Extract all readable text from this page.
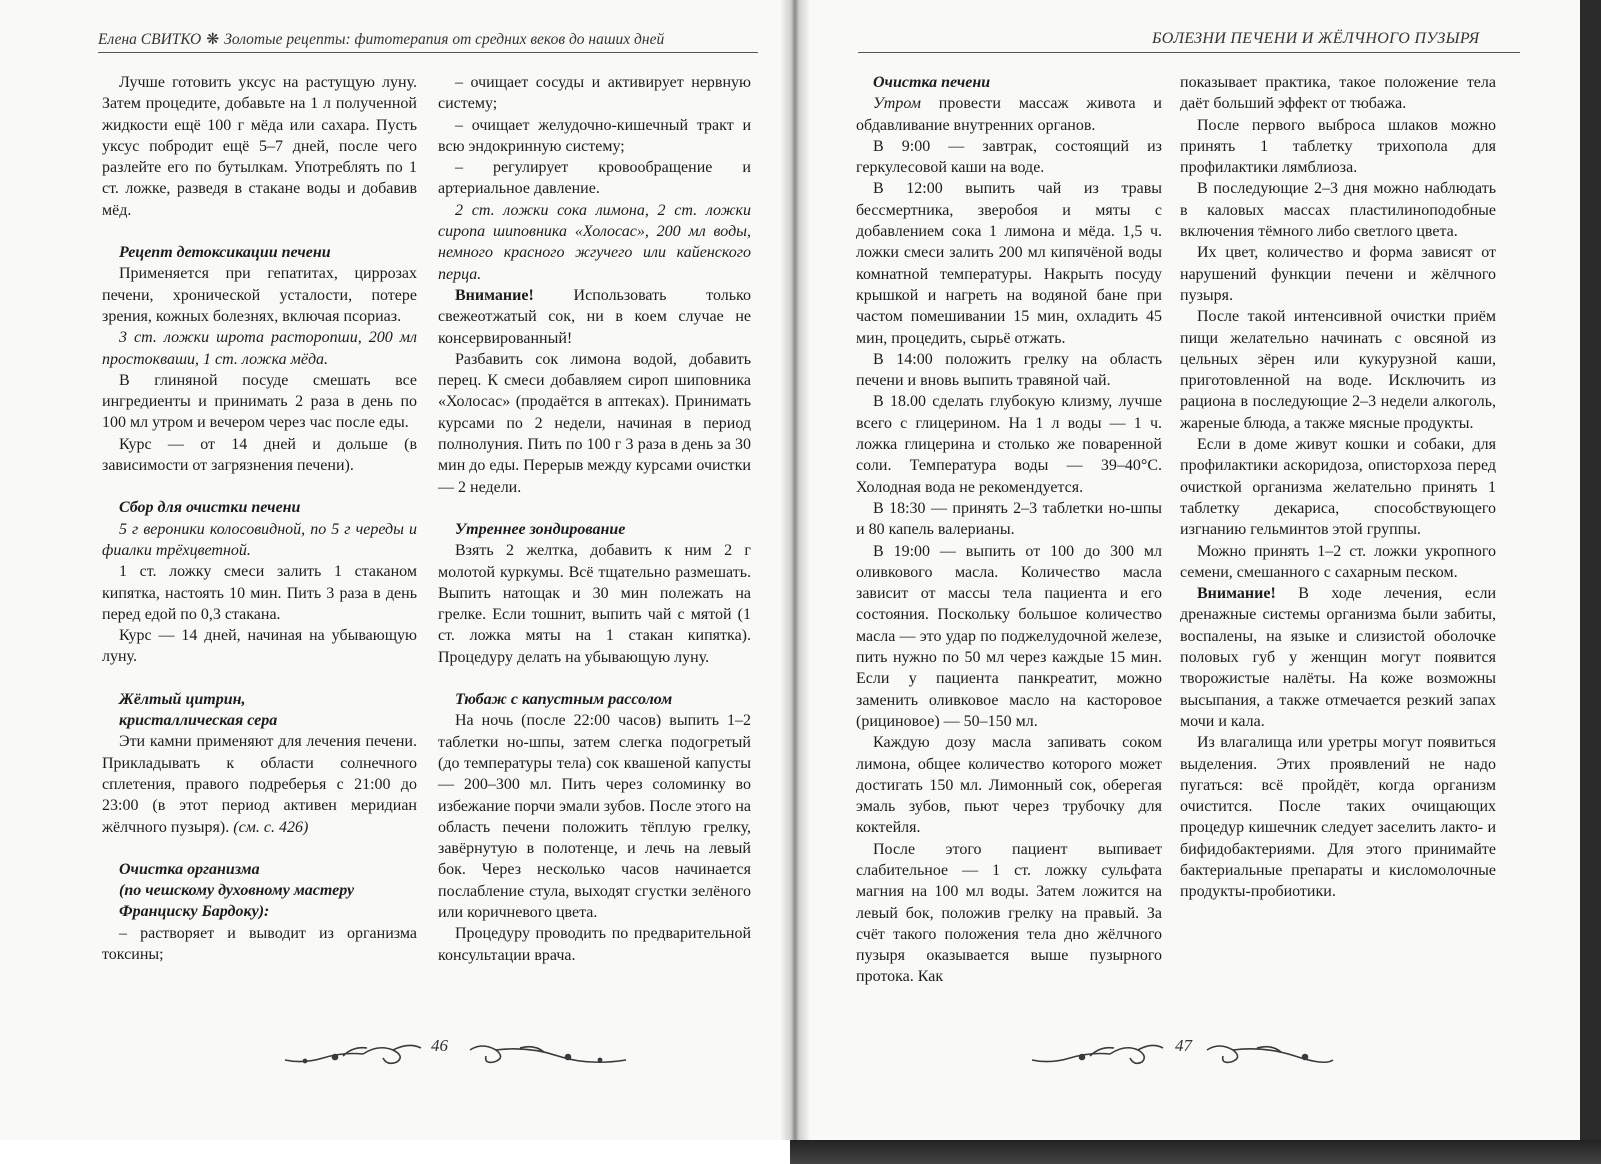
Елена СВИТКО ❋ Золотые рецепты: фитотерапия от средних веков до наших дней	БОЛЕЗНИ ПЕЧЕНИ И ЖЁЛЧНОГО ПУЗЫРЯ

Лучше готовить уксус на растущую луну. Затем процедите, добавьте на 1 л полученной жидкости ещё 100 г мёда или сахара. Пусть уксус побродит ещё 5–7 дней, после чего разлейте его по бутылкам. Употреблять по 1 ст. ложке, разведя в стакане воды и добавив мёд.

Рецепт детоксикации печени

Применяется при гепатитах, циррозах печени, хронической усталости, потере зрения, кожных болезнях, включая псориаз.

3 ст. ложки шрота расторопши, 200 мл простокваши, 1 ст. ложка мёда.

В глиняной посуде смешать все ингредиенты и принимать 2 раза в день по 100 мл утром и вечером через час после еды.

Курс — от 14 дней и дольше (в зависимости от загрязнения печени).

Сбор для очистки печени

5 г вероники колосовидной, по 5 г череды и фиалки трёхцветной.

1 ст. ложку смеси залить 1 стаканом кипятка, настоять 10 мин. Пить 3 раза в день перед едой по 0,3 стакана.

Курс — 14 дней, начиная на убывающую луну.

Жёлтый цитрин,
кристаллическая сера

Эти камни применяют для лечения печени. Прикладывать к области солнечного сплетения, правого подреберья с 21:00 до 23:00 (в этот период активен меридиан жёлчного пузыря). (см. с. 426)

Очистка организма
(по чешскому духовному мастеру
Франциску Бардоку):

– растворяет и выводит из организма токсины;

– очищает сосуды и активирует нервную систему;

– очищает желудочно-кишечный тракт и всю эндокринную систему;

– регулирует кровообращение и артериальное давление.

2 ст. ложки сока лимона, 2 ст. ложки сиропа шиповника «Холосас», 200 мл воды, немного красного жгучего или кайенского перца.

Внимание! Использовать только свежеотжатый сок, ни в коем случае не консервированный!

Разбавить сок лимона водой, добавить перец. К смеси добавляем сироп шиповника «Холосас» (продаётся в аптеках). Принимать курсами по 2 недели, начиная в период полнолуния. Пить по 100 г 3 раза в день за 30 мин до еды. Перерыв между курсами очистки — 2 недели.

Утреннее зондирование

Взять 2 желтка, добавить к ним 2 г молотой куркумы. Всё тщательно размешать. Выпить натощак и 30 мин полежать на грелке. Если тошнит, выпить чай с мятой (1 ст. ложка мяты на 1 стакан кипятка). Процедуру делать на убывающую луну.

Тюбаж с капустным рассолом

На ночь (после 22:00 часов) выпить 1–2 таблетки но-шпы, затем слегка подогретый (до температуры тела) сок квашеной капусты — 200–300 мл. Пить через соломинку во избежание порчи эмали зубов. После этого на область печени положить тёплую грелку, завёрнутую в полотенце, и лечь на левый бок. Через несколько часов начинается послабление стула, выходят сгустки зелёного или коричневого цвета.

Процедуру проводить по предварительной консультации врача.

Очистка печени

Утром провести массаж живота и обдавливание внутренних органов.

В 9:00 — завтрак, состоящий из геркулесовой каши на воде.

В 12:00 выпить чай из травы бессмертника, зверобоя и мяты с добавлением сока 1 лимона и мёда. 1,5 ч. ложки смеси залить 200 мл кипячёной воды комнатной температуры. Накрыть посуду крышкой и нагреть на водяной бане при частом помешивании 15 мин, охладить 45 мин, процедить, сырьё отжать.

В 14:00 положить грелку на область печени и вновь выпить травяной чай.

В 18.00 сделать глубокую клизму, лучше всего с глицерином. На 1 л воды — 1 ч. ложка глицерина и столько же поваренной соли. Температура воды — 39–40°С. Холодная вода не рекомендуется.

В 18:30 — принять 2–3 таблетки но-шпы и 80 капель валерианы.

В 19:00 — выпить от 100 до 300 мл оливкового масла. Количество масла зависит от массы тела пациента и его состояния. Поскольку большое количество масла — это удар по поджелудочной железе, пить нужно по 50 мл через каждые 15 мин. Если у пациента панкреатит, можно заменить оливковое масло на касторовое (рициновое) — 50–150 мл.

Каждую дозу масла запивать соком лимона, общее количество которого может достигать 150 мл. Лимонный сок, оберегая эмаль зубов, пьют через трубочку для коктейля.

После этого пациент выпивает слабительное — 1 ст. ложку сульфата магния на 100 мл воды. Затем ложится на левый бок, положив грелку на правый. За счёт такого положения тела дно жёлчного пузыря оказывается выше пузырного протока. Как

показывает практика, такое положение тела даёт больший эффект от тюбажа.

После первого выброса шлаков можно принять 1 таблетку трихопола для профилактики лямблиоза.

В последующие 2–3 дня можно наблюдать в каловых массах пластилиноподобные включения тёмного либо светлого цвета.

Их цвет, количество и форма зависят от нарушений функции печени и жёлчного пузыря.

После такой интенсивной очистки приём пищи желательно начинать с овсяной из цельных зёрен или кукурузной каши, приготовленной на воде. Исключить из рациона в последующие 2–3 недели алкоголь, жареные блюда, а также мясные продукты.

Если в доме живут кошки и собаки, для профилактики аскоридоза, описторхоза перед очисткой организма желательно принять 1 таблетку декариса, способствующего изгнанию гельминтов этой группы.

Можно принять 1–2 ст. ложки укропного семени, смешанного с сахарным песком.

Внимание! В ходе лечения, если дренажные системы организма были забиты, воспалены, на языке и слизистой оболочке половых губ у женщин могут появится творожистые налёты. На коже возможны высыпания, а также отмечается резкий запах мочи и кала.

Из влагалища или уретры могут появиться выделения. Этих проявлений не надо пугаться: всё пройдёт, когда организм очистится. После таких очищающих процедур кишечник следует заселить лакто- и бифидобактериями. Для этого принимайте бактериальные препараты и кисломолочные продукты-пробиотики.

46	47
